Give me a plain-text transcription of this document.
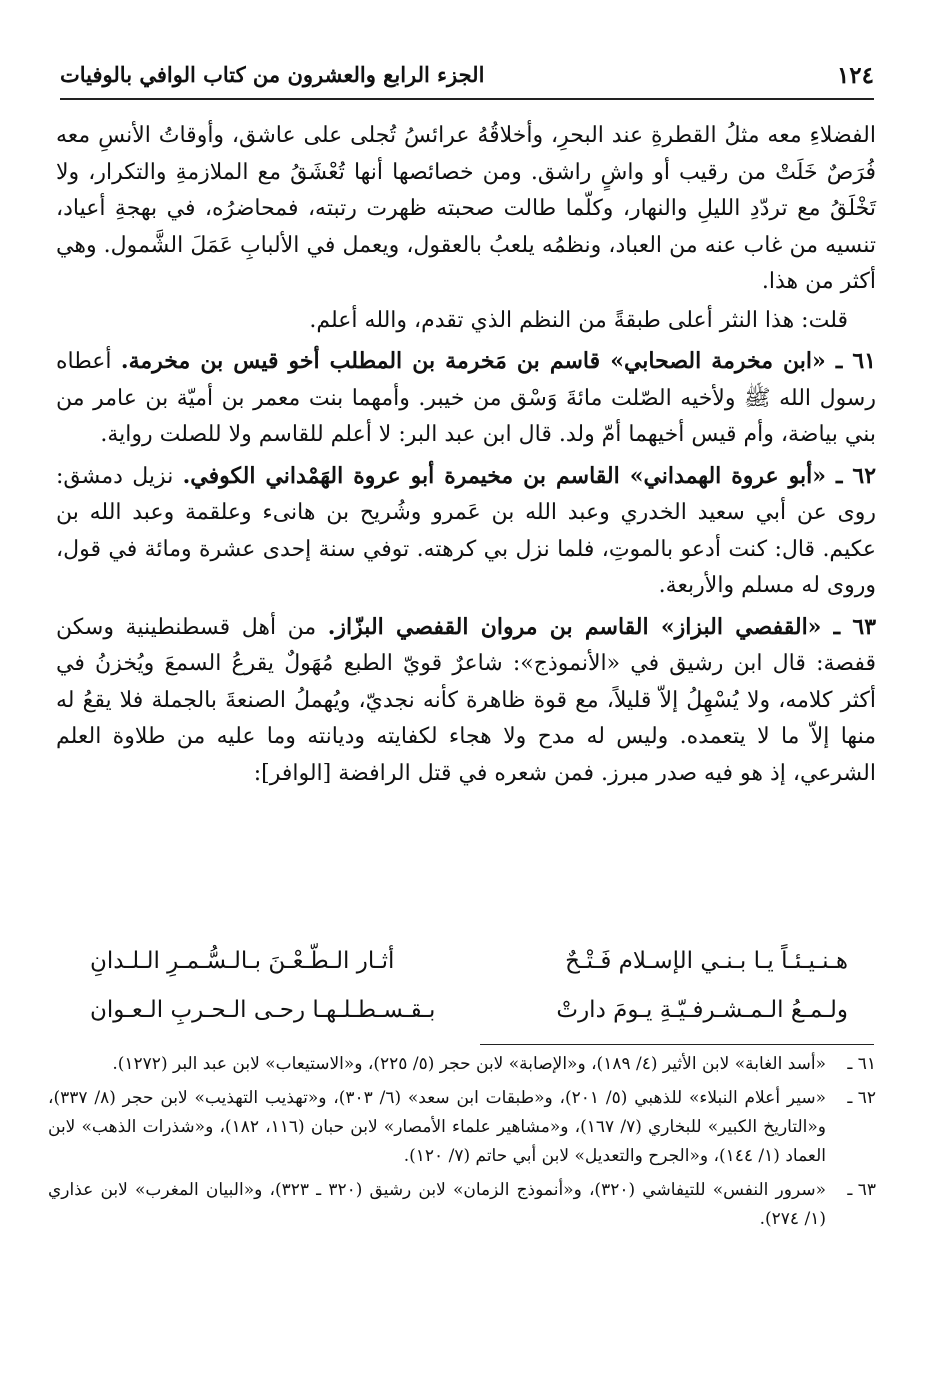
١٢٤
الجزء الرابع والعشرون من كتاب الوافي بالوفيات

الفضلاءِ معه مثلُ القطرةِ عند البحرِ، وأخلاقُهُ عرائسُ تُجلى على عاشق، وأوقاتُ الأنسِ معه فُرَصٌ خَلَتْ من رقيب أو واشٍ راشق. ومن خصائصها أنها تُعْشَقُ مع الملازمةِ والتكرار، ولا تَخْلَقُ مع تردّدِ الليلِ والنهار، وكلّما طالت صحبته ظهرت رتبته، فمحاضرُه، في بهجةِ أعياد، تنسيه من غاب عنه من العباد، ونظمُه يلعبُ بالعقول، ويعمل في الألبابِ عَمَلَ الشَّمول. وهي أكثر من هذا.

قلت: هذا النثر أعلى طبقةً من النظم الذي تقدم، والله أعلم.

٦١ ـ «ابن مخرمة الصحابي» قاسم بن مَخرمة بن المطلب أخو قيس بن مخرمة. أعطاه رسول الله ﷺ ولأخيه الصّلت مائةَ وَسْق من خيبر. وأمهما بنت معمر بن أميّة بن عامر من بني بياضة، وأم قيس أخيهما أمّ ولد. قال ابن عبد البر: لا أعلم للقاسم ولا للصلت رواية.

٦٢ ـ «أبو عروة الهمداني» القاسم بن مخيمرة أبو عروة الهَمْداني الكوفي. نزيل دمشق: روى عن أبي سعيد الخدري وعبد الله بن عَمرو وشُريح بن هانىء وعلقمة وعبد الله بن عكيم. قال: كنت أدعو بالموتِ، فلما نزل بي كرهته. توفي سنة إحدى عشرة ومائة في قول، وروى له مسلم والأربعة.

٦٣ ـ «القفصي البزاز» القاسم بن مروان القفصي البزّاز. من أهل قسطنطينية وسكن قفصة: قال ابن رشيق في «الأنموذج»: شاعرٌ قويّ الطبع مُهَولٌ يقرعُ السمعَ ويُخزنُ في أكثر كلامه، ولا يُسْهِلُ إلاّ قليلاً، مع قوة ظاهرة كأنه نجديّ، ويُهملُ الصنعةَ بالجملة فلا يقعُ له منها إلاّ ما لا يتعمده. وليس له مدح ولا هجاء لكفايته وديانته وما عليه من طلاوة العلم الشرعي، إذ هو فيه صدر مبرز. فمن شعره في قتل الرافضة [الوافر]:

هـنـيـئـاً يـا بـنـي الإسـلام فَـتْـحٌ
أثـار الـطّـعْـنَ بـالـسُّـمـرِ الـلـدانِ
ولـمـعُ الـمـشـرفـيّـةِ يـومَ دارتْ
بـقـسـطـلـهـا رحـى الـحـربِ الـعـوان
٦١ ـ
«أسد الغابة» لابن الأثير (٤/ ١٨٩)، و«الإصابة» لابن حجر (٥/ ٢٢٥)، و«الاستيعاب» لابن عبد البر (١٢٧٢).
٦٢ ـ
«سير أعلام النبلاء» للذهبي (٥/ ٢٠١)، و«طبقات ابن سعد» (٦/ ٣٠٣)، و«تهذيب التهذيب» لابن حجر (٨/ ٣٣٧)، و«التاريخ الكبير» للبخاري (٧/ ١٦٧)، و«مشاهير علماء الأمصار» لابن حبان (١١٦، ١٨٢)، و«شذرات الذهب» لابن العماد (١/ ١٤٤)، و«الجرح والتعديل» لابن أبي حاتم (٧/ ١٢٠).
٦٣ ـ
«سرور النفس» للتيفاشي (٣٢٠)، و«أنموذج الزمان» لابن رشيق (٣٢٠ ـ ٣٢٣)، و«البيان المغرب» لابن عذاري (١/ ٢٧٤).
